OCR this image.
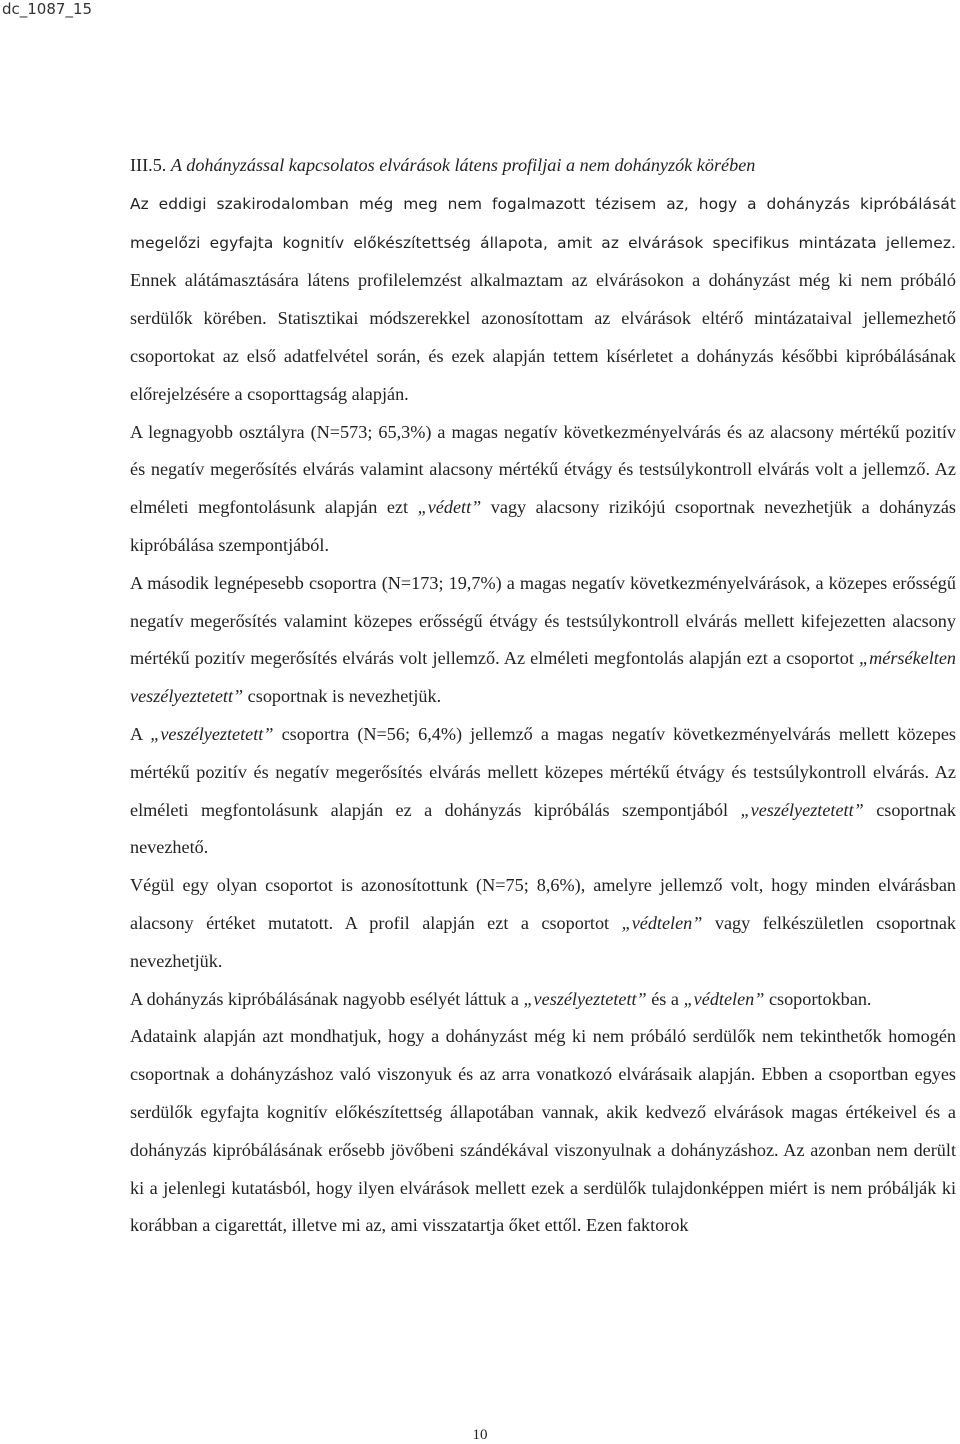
dc_1087_15

III.5. A dohányzással kapcsolatos elvárások látens profiljai a nem dohányzók körében

Az eddigi szakirodalomban még meg nem fogalmazott tézisem az, hogy a dohányzás kipróbálását megelőzi egyfajta kognitív előkészítettség állapota, amit az elvárások specifikus mintázata jellemez. Ennek alátámasztására látens profilelemzést alkalmaztam az elvárásokon a dohányzást még ki nem próbáló serdülők körében. Statisztikai módszerekkel azonosítottam az elvárások eltérő mintázataival jellemezhető csoportokat az első adatfelvétel során, és ezek alapján tettem kísérletet a dohányzás későbbi kipróbálásának előrejelzésére a csoporttagság alapján.

A legnagyobb osztályra (N=573; 65,3%) a magas negatív következményelvárás és az alacsony mértékű pozitív és negatív megerősítés elvárás valamint alacsony mértékű étvágy és testsúlykontroll elvárás volt a jellemző. Az elméleti megfontolásunk alapján ezt „védett” vagy alacsony rizikójú csoportnak nevezhetjük a dohányzás kipróbálása szempontjából.

A második legnépesebb csoportra (N=173; 19,7%) a magas negatív következményelvárások, a közepes erősségű negatív megerősítés valamint közepes erősségű étvágy és testsúlykontroll elvárás mellett kifejezetten alacsony mértékű pozitív megerősítés elvárás volt jellemző. Az elméleti megfontolás alapján ezt a csoportot „mérsékelten veszélyeztetett” csoportnak is nevezhetjük.

A „veszélyeztetett” csoportra (N=56; 6,4%) jellemző a magas negatív következményelvárás mellett közepes mértékű pozitív és negatív megerősítés elvárás mellett közepes mértékű étvágy és testsúlykontroll elvárás. Az elméleti megfontolásunk alapján ez a dohányzás kipróbálás szempontjából „veszélyeztetett” csoportnak nevezhető.

Végül egy olyan csoportot is azonosítottunk (N=75; 8,6%), amelyre jellemző volt, hogy minden elvárásban alacsony értéket mutatott. A profil alapján ezt a csoportot „védtelen” vagy felkészületlen csoportnak nevezhetjük.

A dohányzás kipróbálásának nagyobb esélyét láttuk a „veszélyeztetett” és a „védtelen” csoportokban.

Adataink alapján azt mondhatjuk, hogy a dohányzást még ki nem próbáló serdülők nem tekinthetők homogén csoportnak a dohányzáshoz való viszonyuk és az arra vonatkozó elvárásaik alapján. Ebben a csoportban egyes serdülők egyfajta kognitív előkészítettség állapotában vannak, akik kedvező elvárások magas értékeivel és a dohányzás kipróbálásának erősebb jövőbeni szándékával viszonyulnak a dohányzáshoz. Az azonban nem derült ki a jelenlegi kutatásból, hogy ilyen elvárások mellett ezek a serdülők tulajdonképpen miért is nem próbálják ki korábban a cigarettát, illetve mi az, ami visszatartja őket ettől. Ezen faktorok

10
